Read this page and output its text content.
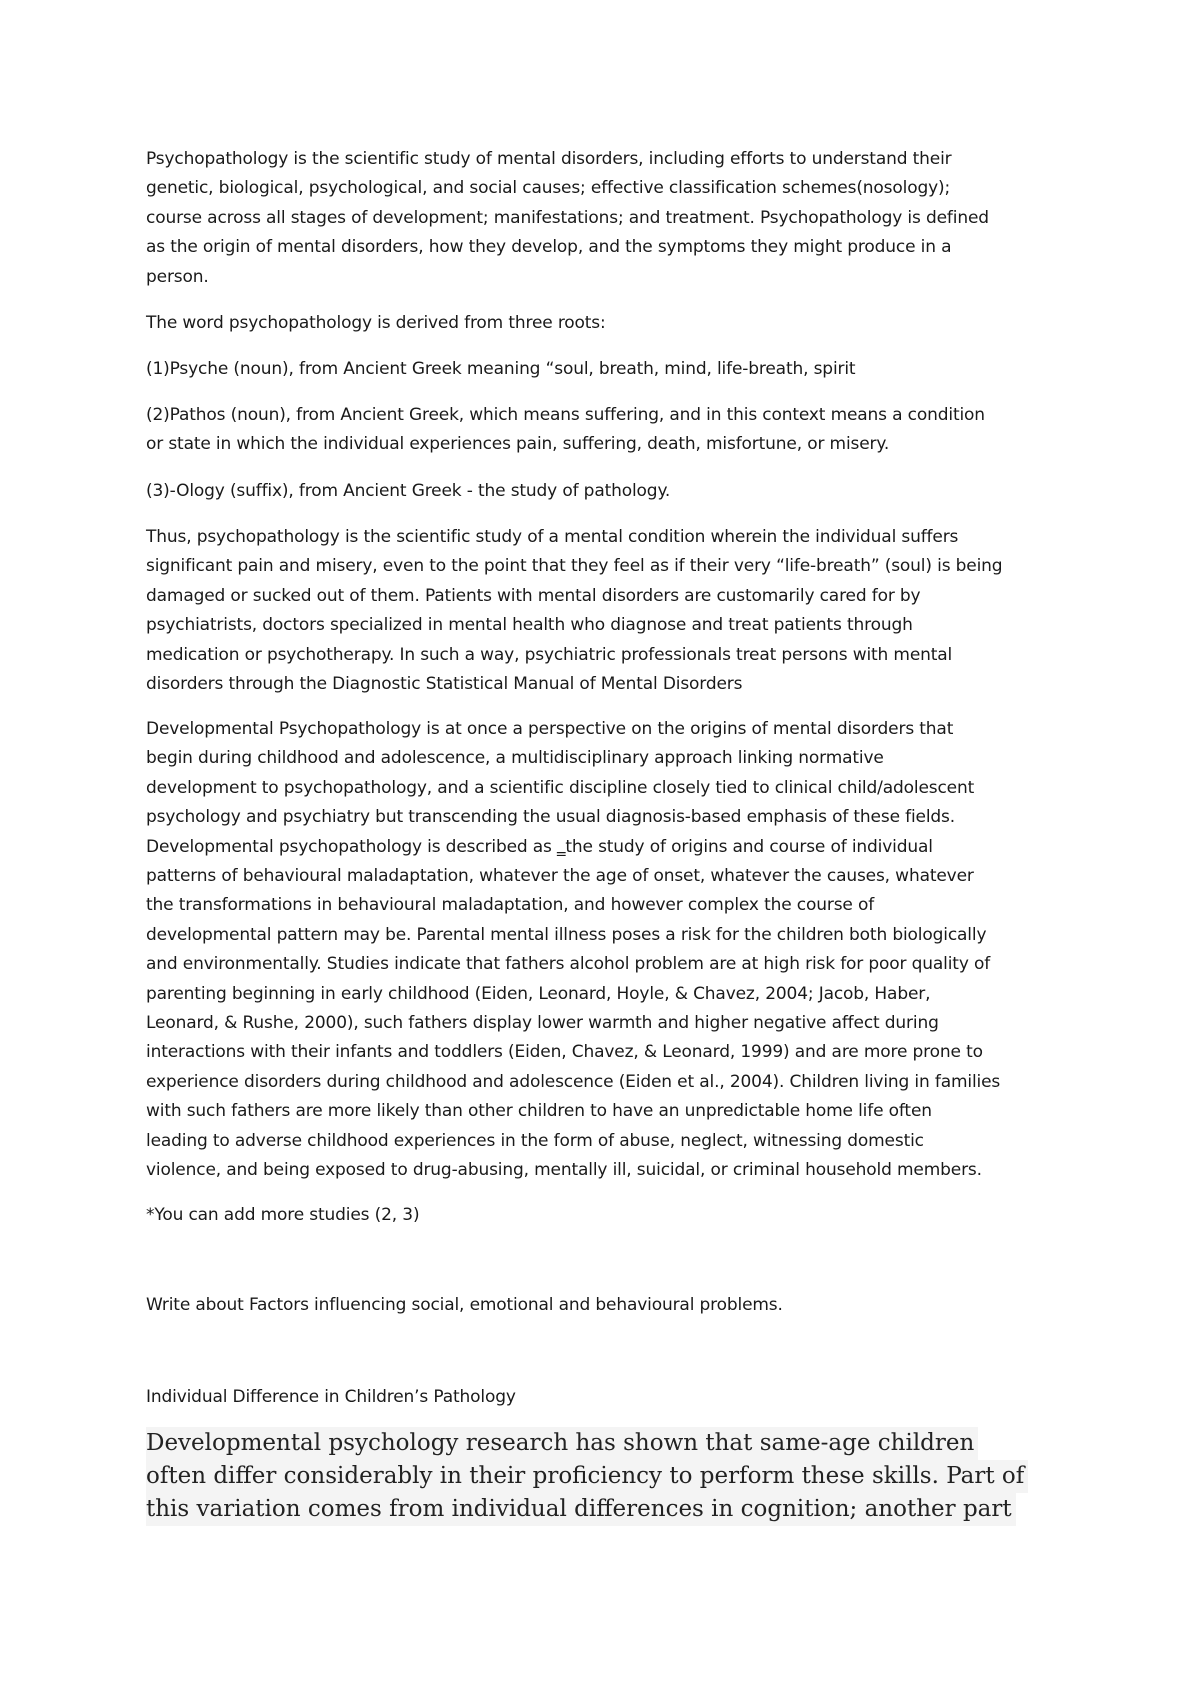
Psychopathology is the scientific study of mental disorders, including efforts to understand their
genetic, biological, psychological, and social causes; effective classification schemes(nosology);
course across all stages of development; manifestations; and treatment. Psychopathology is defined
as the origin of mental disorders, how they develop, and the symptoms they might produce in a
person.
The word psychopathology is derived from three roots:
(1)Psyche (noun), from Ancient Greek meaning “soul, breath, mind, life-breath, spirit
(2)Pathos (noun), from Ancient Greek, which means suffering, and in this context means a condition
or state in which the individual experiences pain, suffering, death, misfortune, or misery.
(3)-Ology (suffix), from Ancient Greek - the study of pathology.
Thus, psychopathology is the scientific study of a mental condition wherein the individual suffers
significant pain and misery, even to the point that they feel as if their very “life-breath” (soul) is being
damaged or sucked out of them. Patients with mental disorders are customarily cared for by
psychiatrists, doctors specialized in mental health who diagnose and treat patients through
medication or psychotherapy. In such a way, psychiatric professionals treat persons with mental
disorders through the Diagnostic Statistical Manual of Mental Disorders
Developmental Psychopathology is at once a perspective on the origins of mental disorders that
begin during childhood and adolescence, a multidisciplinary approach linking normative
development to psychopathology, and a scientific discipline closely tied to clinical child/adolescent
psychology and psychiatry but transcending the usual diagnosis-based emphasis of these fields.
Developmental psychopathology is described as ‗the study of origins and course of individual
patterns of behavioural maladaptation, whatever the age of onset, whatever the causes, whatever
the transformations in behavioural maladaptation, and however complex the course of
developmental pattern may be. Parental mental illness poses a risk for the children both biologically
and environmentally. Studies indicate that fathers alcohol problem are at high risk for poor quality of
parenting beginning in early childhood (Eiden, Leonard, Hoyle, & Chavez, 2004; Jacob, Haber,
Leonard, & Rushe, 2000), such fathers display lower warmth and higher negative affect during
interactions with their infants and toddlers (Eiden, Chavez, & Leonard, 1999) and are more prone to
experience disorders during childhood and adolescence (Eiden et al., 2004). Children living in families
with such fathers are more likely than other children to have an unpredictable home life often
leading to adverse childhood experiences in the form of abuse, neglect, witnessing domestic
violence, and being exposed to drug-abusing, mentally ill, suicidal, or criminal household members.
*You can add more studies (2, 3)
Write about Factors influencing social, emotional and behavioural problems.
Individual Difference in Children’s Pathology
Developmental psychology research has shown that same-age children
often differ considerably in their proficiency to perform these skills. Part of
this variation comes from individual differences in cognition; another part
